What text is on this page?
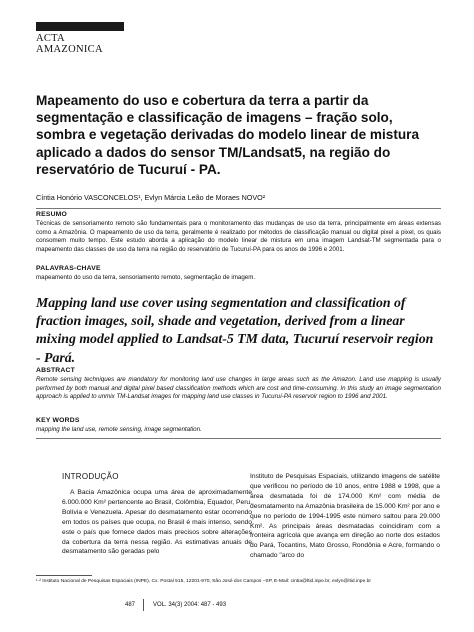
ACTA
AMAZONICA
Mapeamento do uso e cobertura da terra a partir da segmentação e classificação de imagens – fração solo, sombra e vegetação derivadas do modelo linear de mistura aplicado a dados do sensor TM/Landsat5, na região do reservatório de Tucuruí - PA.
Cíntia Honório VASCONCELOS¹, Evlyn Márcia Leão de Moraes NOVO²
RESUMO
Técnicas de sensoriamento remoto são fundamentais para o monitoramento das mudanças de uso da terra, principalmente em áreas extensas como a Amazônia. O mapeamento de uso da terra, geralmente é realizado por métodos de classificação manual ou digital pixel a pixel, os quais consomem muito tempo. Este estudo aborda a aplicação do modelo linear de mistura em uma imagem Landsat-TM segmentada para o mapeamento das classes de uso da terra na região do reservatório de Tucuruí-PA para os anos de 1996 e 2001.
PALAVRAS-CHAVE
mapeamento do uso da terra, sensoriamento remoto, segmentação de imagem.
Mapping land use cover using segmentation and classification of fraction images, soil, shade and vegetation, derived from a linear mixing model applied to Landsat-5 TM data, Tucuruí reservoir region - Pará.
ABSTRACT
Remote sensing techniques are mandatory for monitoring land use changes in large areas such as the Amazon. Land use mapping is usually performed by both manual and digital pixel based classification methods which are cost and time-consuming. In this study an image segmentation approach is applied to unmix TM-Landsat images for mapping land use classes in Tucuruí-PA reservoir region to 1996 and 2001.
KEY WORDS
mapping the land use, remote sensing, image segmentation.
INTRODUÇÃO
A Bacia Amazônica ocupa uma área de aproximadamente 6.000.000 Km² pertencente ao Brasil, Colômbia, Equador, Peru, Bolívia e Venezuela. Apesar do desmatamento estar ocorrendo em todos os países que ocupa, no Brasil é mais intenso, sendo este o país que fornece dados mais precisos sobre alterações da cobertura da terra nessa região. As estimativas anuais de desmatamento são geradas pelo
Instituto de Pesquisas Espaciais, utilizando imagens de satélite que verificou no período de 10 anos, entre 1988 e 1998, que a área desmatada foi de 174.000 Km² com média de desmatamento na Amazônia brasileira de 15.000 Km² por ano e que no período de 1994-1995 este número saltou para 29.000 Km². As principais áreas desmatadas coincidiram com a fronteira agrícola que avança em direção ao norte dos estados do Pará, Tocantins, Mato Grosso, Rondônia e Acre, formando o chamado "arco do
¹·² Instituto Nacional de Pesquisas Espaciais (INPE), Cx. Postal 515, 12201-970, São José dos Campos –SP, E-Mail: cintia@ltid.inpe.br, evlyn@ltid.inpe.br
487	VOL. 34(3) 2004: 487 - 493
